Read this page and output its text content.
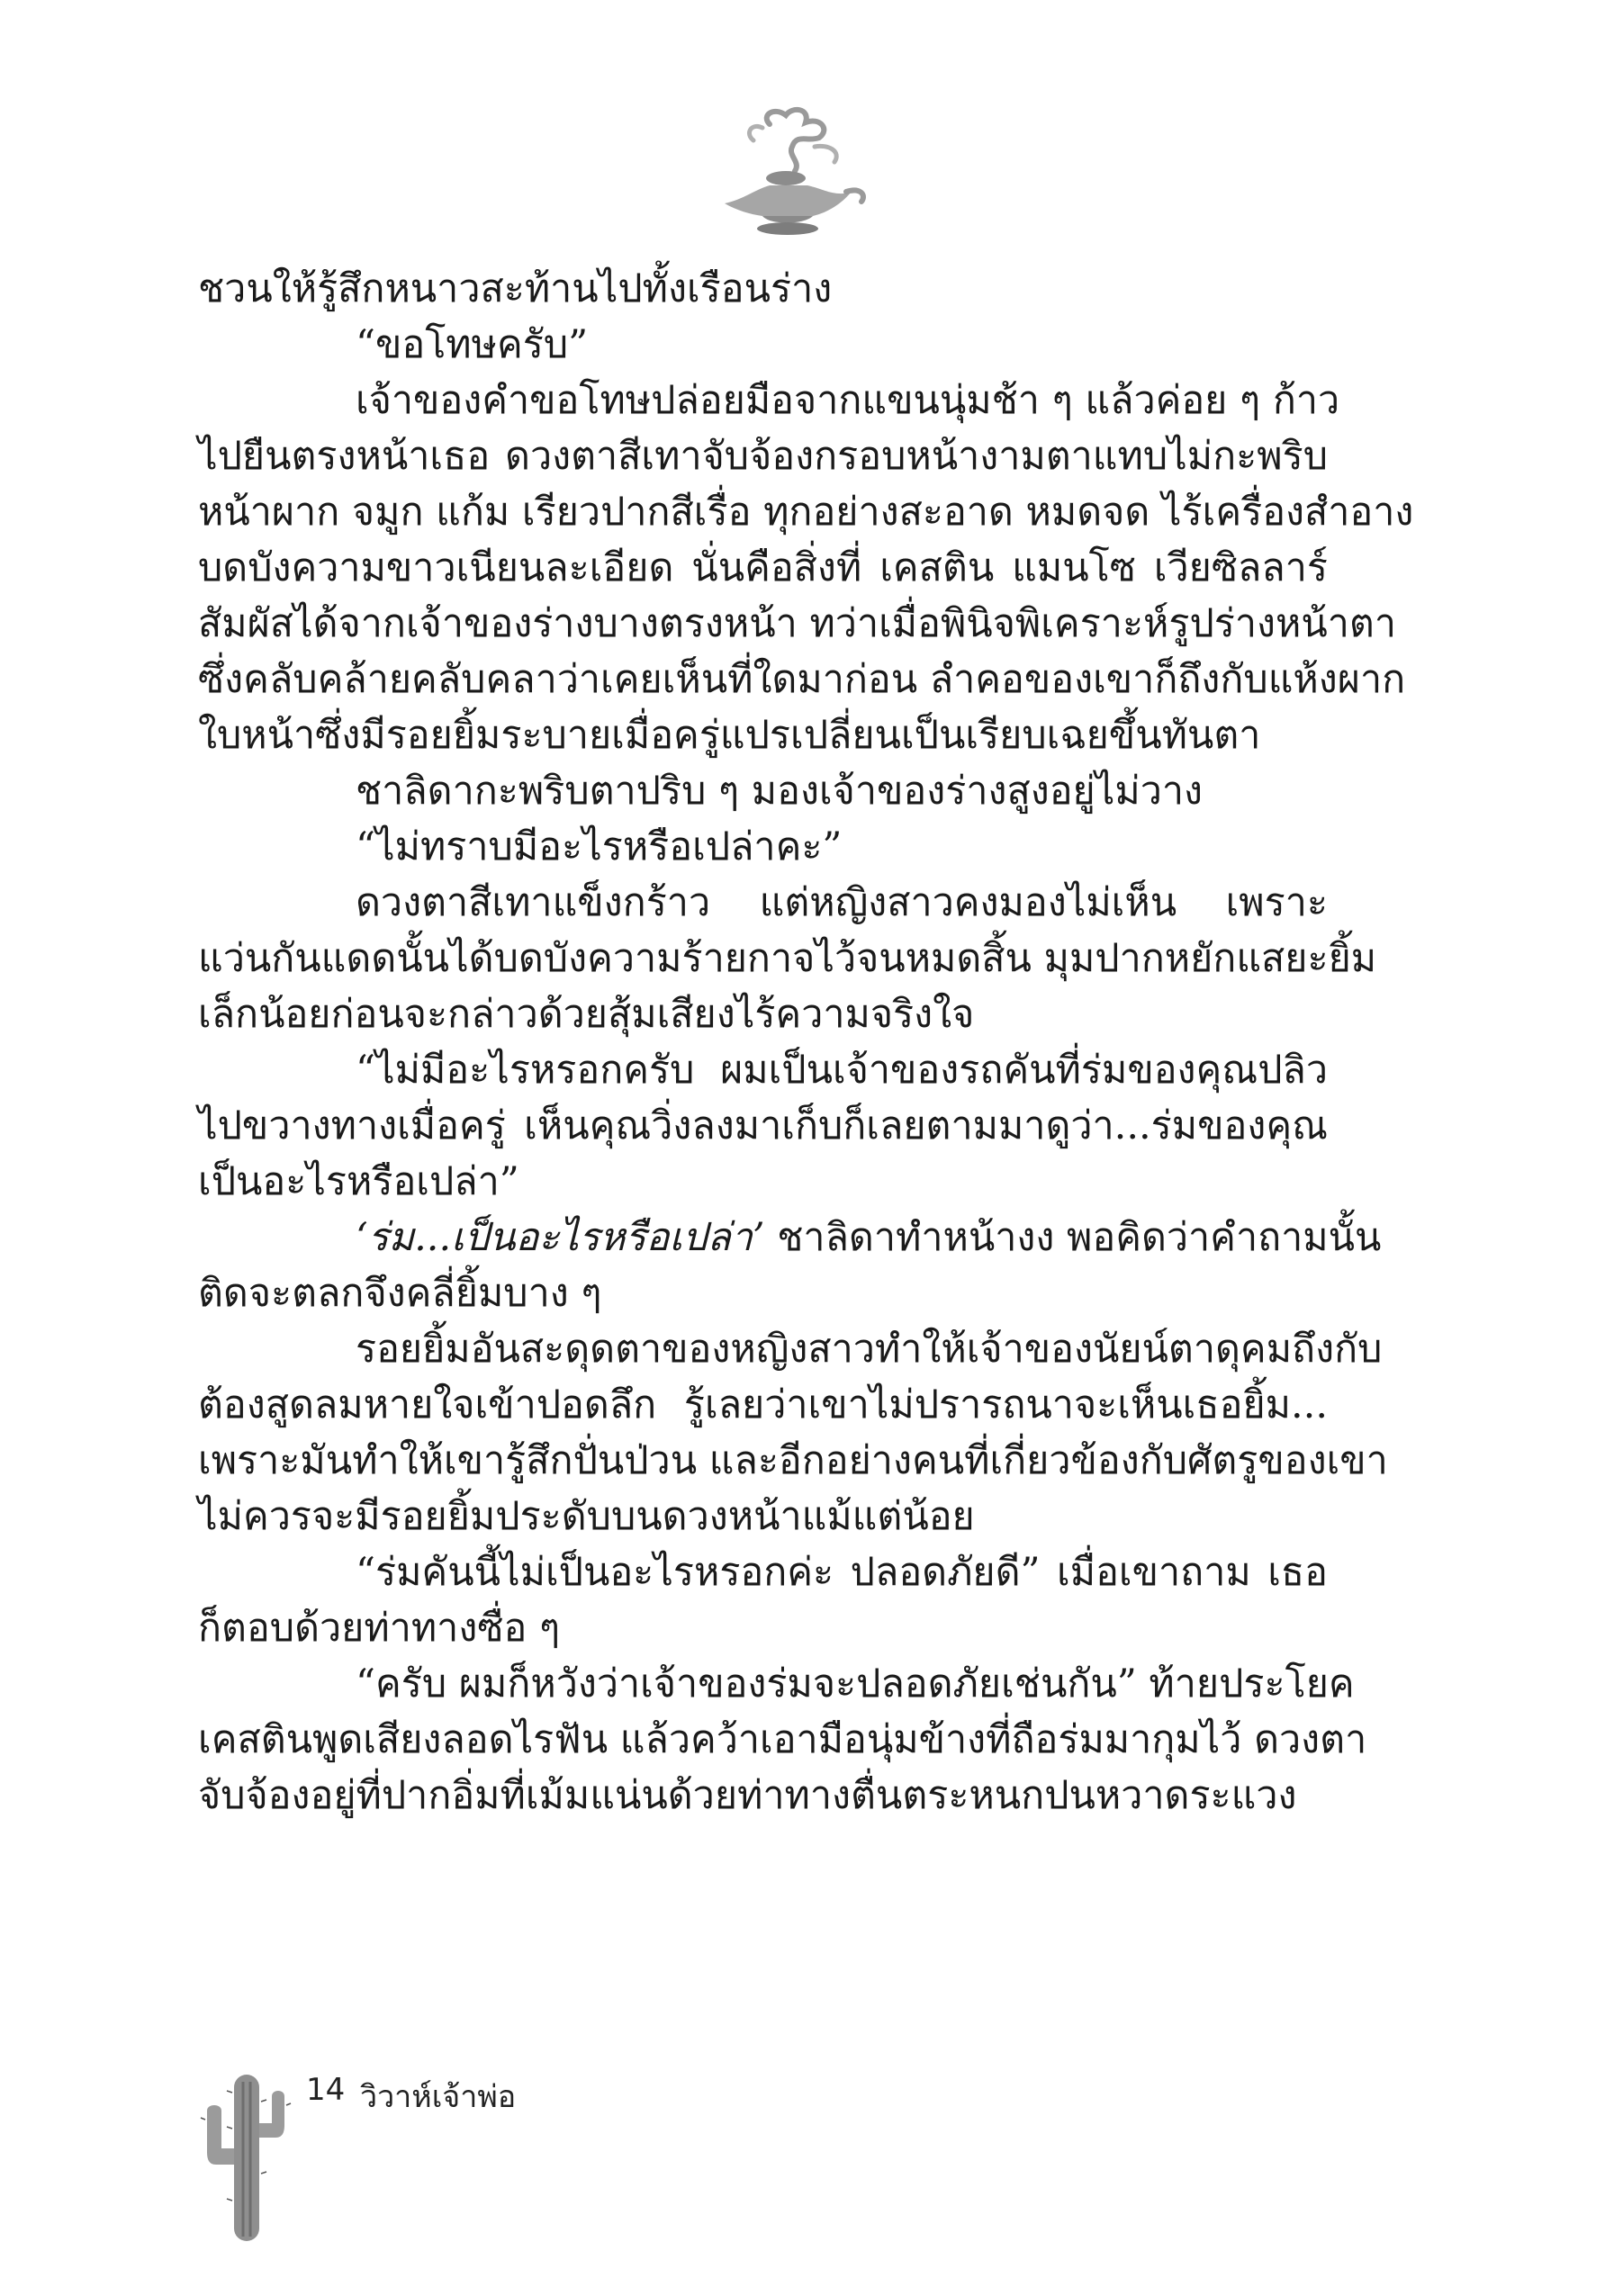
ชวนให้รู้สึกหนาวสะท้านไปทั้งเรือนร่าง
“ขอโทษครับ”
เจ้าของคำขอโทษปล่อยมือจากแขนนุ่มช้า ๆ แล้วค่อย ๆ ก้าว
ไปยืนตรงหน้าเธอ ดวงตาสีเทาจับจ้องกรอบหน้างามตาแทบไม่กะพริบ
หน้าผาก จมูก แก้ม เรียวปากสีเรื่อ ทุกอย่างสะอาด หมดจด ไร้เครื่องสำอาง
บดบังความขาวเนียนละเอียด นั่นคือสิ่งที่ เคสติน แมนโซ เวียซิลลาร์
สัมผัสได้จากเจ้าของร่างบางตรงหน้า ทว่าเมื่อพินิจพิเคราะห์รูปร่างหน้าตา
ซึ่งคลับคล้ายคลับคลาว่าเคยเห็นที่ใดมาก่อน ลำคอของเขาก็ถึงกับแห้งผาก
ใบหน้าซึ่งมีรอยยิ้มระบายเมื่อครู่แปรเปลี่ยนเป็นเรียบเฉยขึ้นทันตา
ชาลิดากะพริบตาปริบ ๆ มองเจ้าของร่างสูงอยู่ไม่วาง
“ไม่ทราบมีอะไรหรือเปล่าคะ”
ดวงตาสีเทาแข็งกร้าว แต่หญิงสาวคงมองไม่เห็น เพราะ
แว่นกันแดดนั้นได้บดบังความร้ายกาจไว้จนหมดสิ้น มุมปากหยักแสยะยิ้ม
เล็กน้อยก่อนจะกล่าวด้วยสุ้มเสียงไร้ความจริงใจ
“ไม่มีอะไรหรอกครับ ผมเป็นเจ้าของรถคันที่ร่มของคุณปลิว
ไปขวางทางเมื่อครู่ เห็นคุณวิ่งลงมาเก็บก็เลยตามมาดูว่า...ร่มของคุณ
เป็นอะไรหรือเปล่า”
‘ร่ม...เป็นอะไรหรือเปล่า’ ชาลิดาทำหน้างง พอคิดว่าคำถามนั้น
ติดจะตลกจึงคลี่ยิ้มบาง ๆ
รอยยิ้มอันสะดุดตาของหญิงสาวทำให้เจ้าของนัยน์ตาดุคมถึงกับ
ต้องสูดลมหายใจเข้าปอดลึก รู้เลยว่าเขาไม่ปรารถนาจะเห็นเธอยิ้ม...
เพราะมันทำให้เขารู้สึกปั่นป่วน และอีกอย่างคนที่เกี่ยวข้องกับศัตรูของเขา
ไม่ควรจะมีรอยยิ้มประดับบนดวงหน้าแม้แต่น้อย
“ร่มคันนี้ไม่เป็นอะไรหรอกค่ะ ปลอดภัยดี” เมื่อเขาถาม เธอ
ก็ตอบด้วยท่าทางซื่อ ๆ
“ครับ ผมก็หวังว่าเจ้าของร่มจะปลอดภัยเช่นกัน” ท้ายประโยค
เคสตินพูดเสียงลอดไรฟัน แล้วคว้าเอามือนุ่มข้างที่ถือร่มมากุมไว้ ดวงตา
จับจ้องอยู่ที่ปากอิ่มที่เม้มแน่นด้วยท่าทางตื่นตระหนกปนหวาดระแวง
14 วิวาห์เจ้าพ่อ
